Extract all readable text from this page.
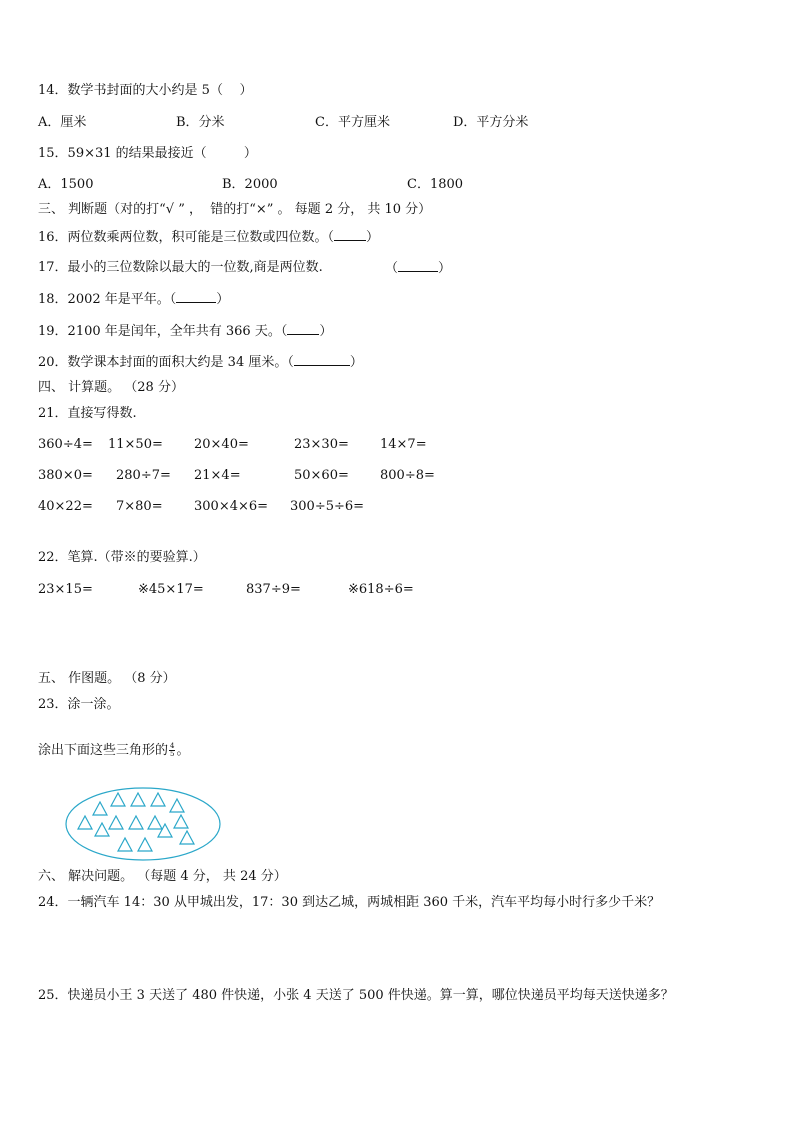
14．数学书封面的大小约是 5（    ）
A．厘米	B．分米	C．平方厘米	D．平方分米
15．59×31 的结果最接近（         ）
A．1500	B．2000	C．1800
三、 判断题（对的打“√ ” ，  错的打“×” 。 每题 2 分， 共 10 分）
16．两位数乘两位数，积可能是三位数或四位数。（ ）
17．最小的三位数除以最大的一位数,商是两位数.	（	）
18．2002 年是平年。（	）
19．2100 年是闰年，全年共有 366 天。（ ）
20．数学课本封面的面积大约是 34 厘米。（	）
四、 计算题。 （28 分）
21．直接写得数.
360÷4= 11×50= 20×40=	23×30= 14×7=
380×0= 280÷7= 21×4=	50×60= 800÷8=
40×22= 7×80= 300×4×6= 300÷5÷6=
22．笔算.（带※的要验算.）
23×15=	※45×17=	837÷9=	※618÷6=
五、 作图题。 （8 分）
23．涂一涂。
涂出下面这些三角形的 $\frac{4}{5}$ 。
六、 解决问题。 （每题 4 分， 共 24 分）
24．一辆汽车 14：30 从甲城出发，17：30 到达乙城，两城相距 360 千米，汽车平均每小时行多少千米？
25．快递员小王 3 天送了 480 件快递，小张 4 天送了 500 件快递。算一算，哪位快递员平均每天送快递多？
